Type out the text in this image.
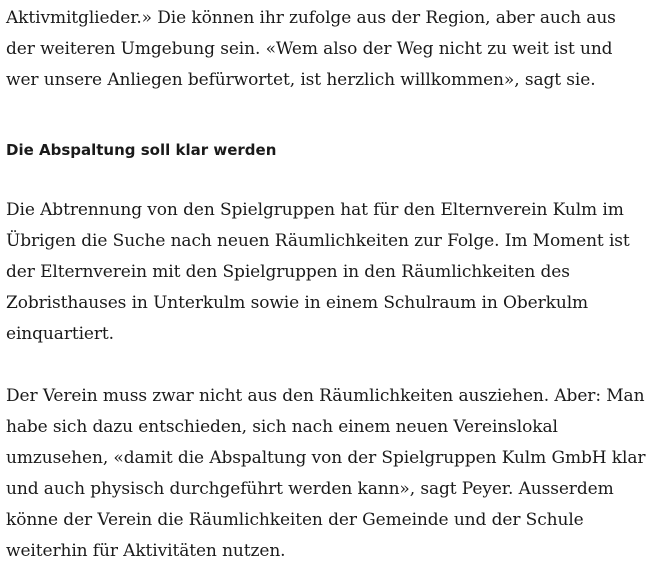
Aktivmitglieder.» Die können ihr zufolge aus der Region, aber auch aus der weiteren Umgebung sein. «Wem also der Weg nicht zu weit ist und wer unsere Anliegen befürwortet, ist herzlich willkommen», sagt sie.

Die Abspaltung soll klar werden

Die Abtrennung von den Spielgruppen hat für den Elternverein Kulm im Übrigen die Suche nach neuen Räumlichkeiten zur Folge. Im Moment ist der Elternverein mit den Spielgruppen in den Räumlichkeiten des Zobristhauses in Unterkulm sowie in einem Schulraum in Oberkulm einquartiert.

Der Verein muss zwar nicht aus den Räumlichkeiten ausziehen. Aber: Man habe sich dazu entschieden, sich nach einem neuen Vereinslokal umzusehen, «damit die Abspaltung von der Spielgruppen Kulm GmbH klar und auch physisch durchgeführt werden kann», sagt Peyer. Ausserdem könne der Verein die Räumlichkeiten der Gemeinde und der Schule weiterhin für Aktivitäten nutzen.
